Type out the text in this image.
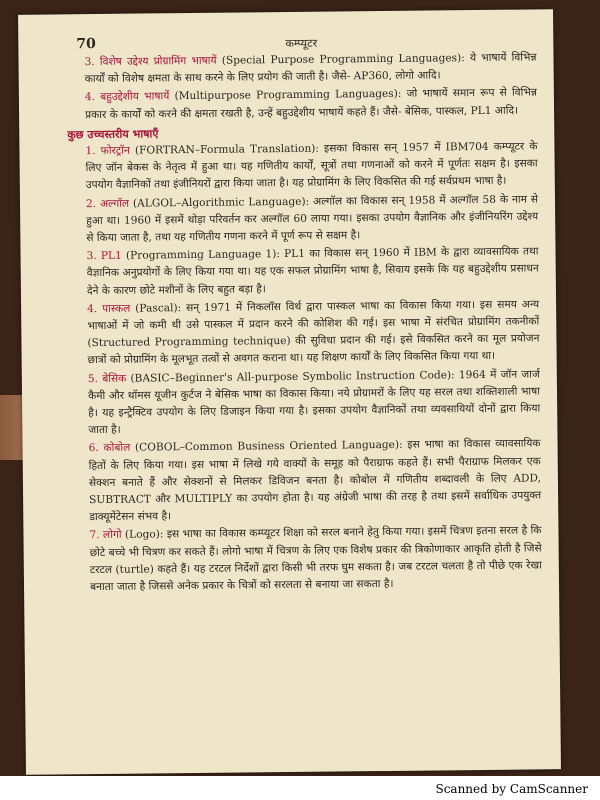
70	कम्प्यूटर

3. विशेष उद्देश्य प्रोग्रामिंग भाषायें (Special Purpose Programming Languages): ये भाषायें विभिन्न कार्यों को विशेष क्षमता के साथ करने के लिए प्रयोग की जाती है। जैसे- AP360, लोगो आदि।

4. बहुउद्देशीय भाषायें (Multipurpose Programming Languages): जो भाषायें समान रूप से विभिन्न प्रकार के कार्यों को करने की क्षमता रखती है, उन्हें बहुउद्देशीय भाषायें कहते हैं। जैसे- बेसिक, पास्कल, PL1 आदि।

कुछ उच्चस्तरीय भाषाएँ

1. फोरट्रॉन (FORTRAN–Formula Translation): इसका विकास सन् 1957 में IBM704 कम्प्यूटर के लिए जॉन बेकस के नेतृत्व में हुआ था। यह गणितीय कार्यों, सूत्रों तथा गणनाओं को करने में पूर्णतः सक्षम है। इसका उपयोग वैज्ञानिकों तथा इंजीनियरों द्वारा किया जाता है। यह प्रोग्रामिंग के लिए विकसित की गई सर्वप्रथम भाषा है।

2. अल्गॉल (ALGOL–Algorithmic Language): अल्गॉल का विकास सन् 1958 में अल्गॉल 58 के नाम से हुआ था। 1960 में इसमें थोड़ा परिवर्तन कर अल्गॉल 60 लाया गया। इसका उपयोग वैज्ञानिक और इंजीनियरिंग उद्देश्य से किया जाता है, तथा यह गणितीय गणना करने में पूर्ण रूप से सक्षम है।

3. PL1 (Programming Language 1): PL1 का विकास सन् 1960 में IBM के द्वारा व्यावसायिक तथा वैज्ञानिक अनुप्रयोगों के लिए किया गया था। यह एक सफल प्रोग्रामिंग भाषा है, सिवाय इसके कि यह बहुउद्देशीय प्रसाधन देने के कारण छोटे मशीनों के लिए बहुत बड़ा है।

4. पास्कल (Pascal): सन् 1971 में निकलॉस विर्थ द्वारा पास्कल भाषा का विकास किया गया। इस समय अन्य भाषाओं में जो कमी थी उसे पास्कल में प्रदान करने की कोशिश की गई। इस भाषा में संरचित प्रोग्रामिंग तकनीकों (Structured Programming technique) की सुविधा प्रदान की गई। इसे विकसित करने का मूल प्रयोजन छात्रों को प्रोग्रामिंग के मूलभूत तत्वों से अवगत कराना था। यह शिक्षण कार्यों के लिए विकसित किया गया था।

5. बेसिक (BASIC–Beginner's All-purpose Symbolic Instruction Code): 1964 में जॉन जार्ज कैमी और थॉमस यूजीन कुर्टज ने बेसिक भाषा का विकास किया। नये प्रोग्रामरों के लिए यह सरल तथा शक्तिशाली भाषा है। यह इन्ट्रैक्टिव उपयोग के लिए डिजाइन किया गया है। इसका उपयोग वैज्ञानिकों तथा व्यवसायियों दोनों द्वारा किया जाता है।

6. कोबोल (COBOL–Common Business Oriented Language): इस भाषा का विकास व्यावसायिक हितों के लिए किया गया। इस भाषा में लिखे गये वाक्यों के समूह को पैराग्राफ कहते हैं। सभी पैराग्राफ मिलकर एक सेक्शन बनाते हैं और सेक्शनों से मिलकर डिविजन बनता है। कोबोल में गणितीय शब्दावली के लिए ADD, SUBTRACT और MULTIPLY का उपयोग होता है। यह अंग्रेजी भाषा की तरह है तथा इसमें सर्वाधिक उपयुक्त डाक्यूमेंटेसन संभव है।

7. लोगो (Logo): इस भाषा का विकास कम्प्यूटर शिक्षा को सरल बनाने हेतु किया गया। इसमें चित्रण इतना सरल है कि छोटे बच्चे भी चित्रण कर सकते हैं। लोगो भाषा में चित्रण के लिए एक विशेष प्रकार की त्रिकोणाकार आकृति होती है जिसे टरटल (turtle) कहते हैं। यह टरटल निर्देशों द्वारा किसी भी तरफ घुम सकता है। जब टरटल चलता है तो पीछे एक रेखा बनाता जाता है जिससे अनेक प्रकार के चित्रों को सरलता से बनाया जा सकता है।

Scanned by CamScanner
